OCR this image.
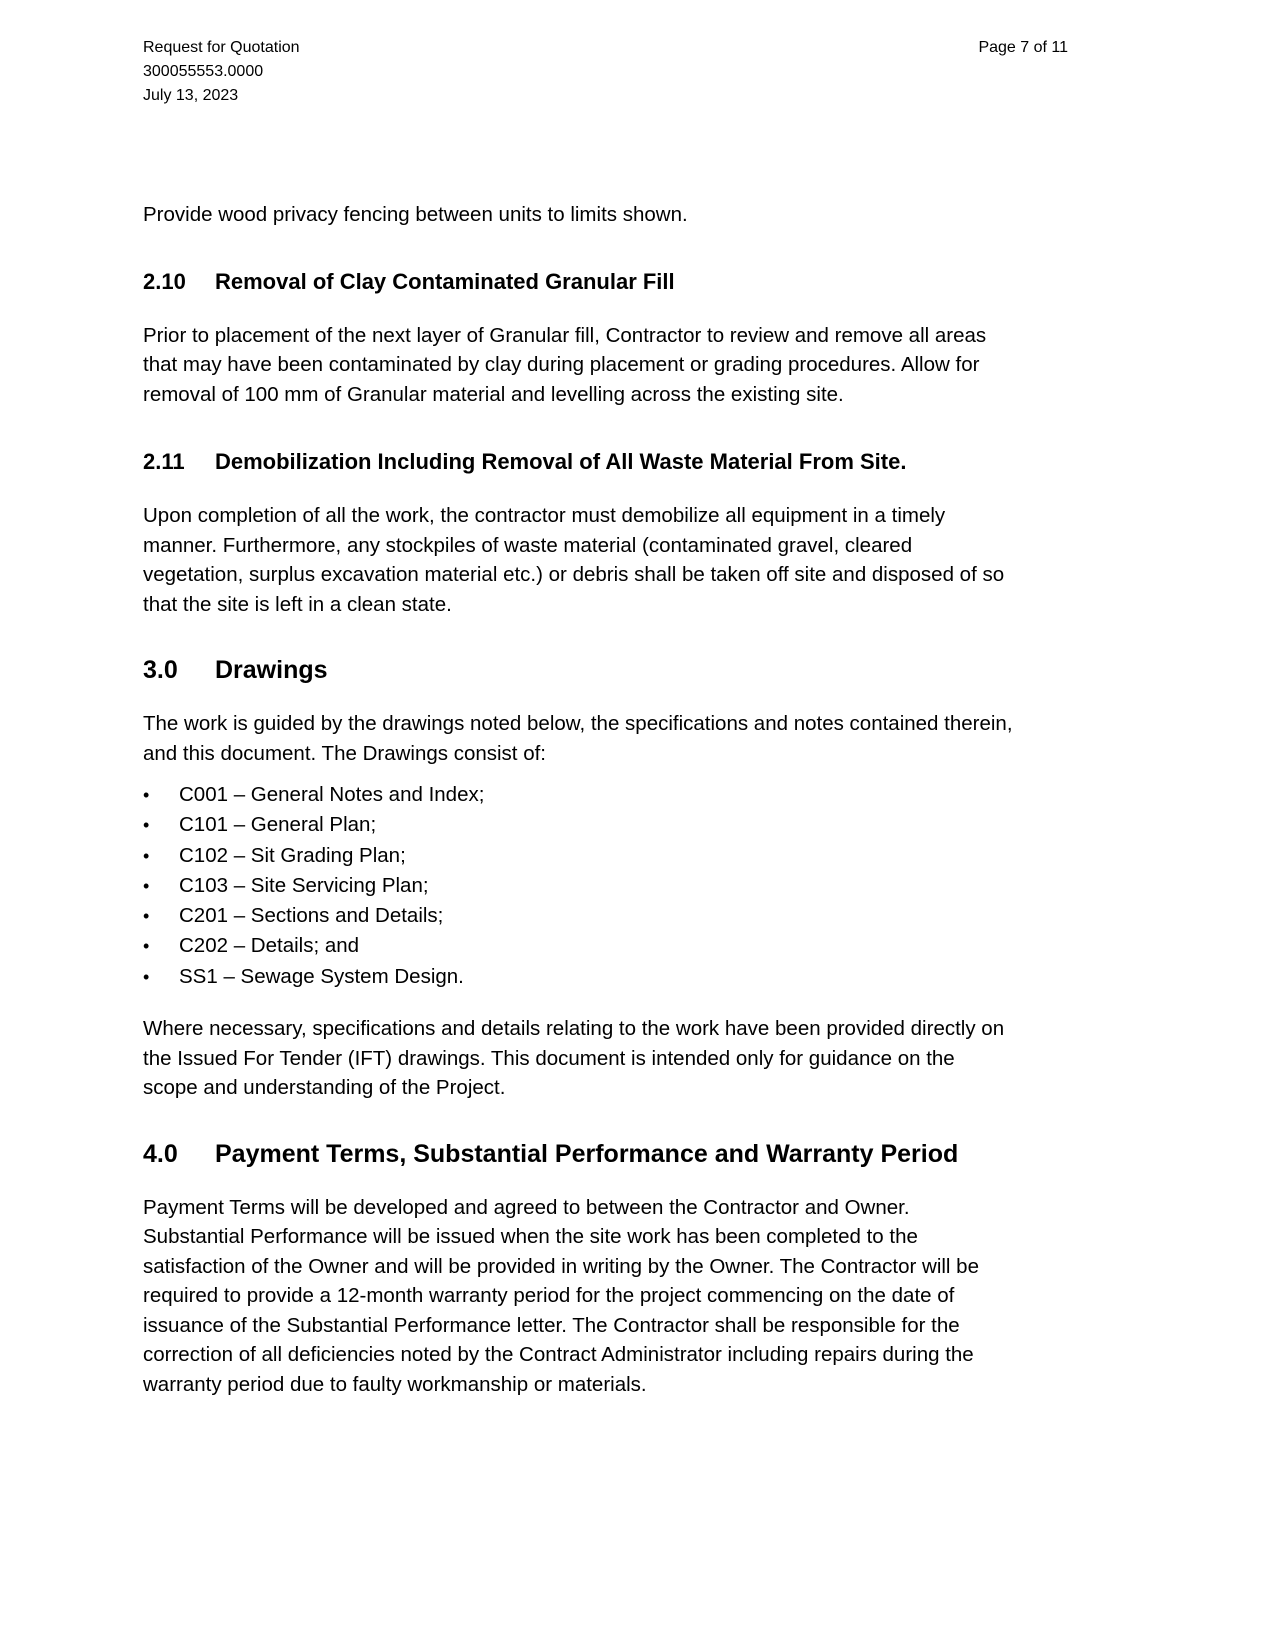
Request for Quotation
300055553.0000
July 13, 2023
Page 7 of 11

Provide wood privacy fencing between units to limits shown.

2.10	Removal of Clay Contaminated Granular Fill

Prior to placement of the next layer of Granular fill, Contractor to review and remove all areas
that may have been contaminated by clay during placement or grading procedures. Allow for
removal of 100 mm of Granular material and levelling across the existing site.

2.11	Demobilization Including Removal of All Waste Material From Site.

Upon completion of all the work, the contractor must demobilize all equipment in a timely
manner. Furthermore, any stockpiles of waste material (contaminated gravel, cleared
vegetation, surplus excavation material etc.) or debris shall be taken off site and disposed of so
that the site is left in a clean state.

3.0	Drawings

The work is guided by the drawings noted below, the specifications and notes contained therein,
and this document. The Drawings consist of:

•	C001 – General Notes and Index;
•	C101 – General Plan;
•	C102 – Sit Grading Plan;
•	C103 – Site Servicing Plan;
•	C201 – Sections and Details;
•	C202 – Details; and
•	SS1 – Sewage System Design.

Where necessary, specifications and details relating to the work have been provided directly on
the Issued For Tender (IFT) drawings. This document is intended only for guidance on the
scope and understanding of the Project.

4.0	Payment Terms, Substantial Performance and Warranty Period

Payment Terms will be developed and agreed to between the Contractor and Owner.
Substantial Performance will be issued when the site work has been completed to the
satisfaction of the Owner and will be provided in writing by the Owner. The Contractor will be
required to provide a 12-month warranty period for the project commencing on the date of
issuance of the Substantial Performance letter. The Contractor shall be responsible for the
correction of all deficiencies noted by the Contract Administrator including repairs during the
warranty period due to faulty workmanship or materials.
